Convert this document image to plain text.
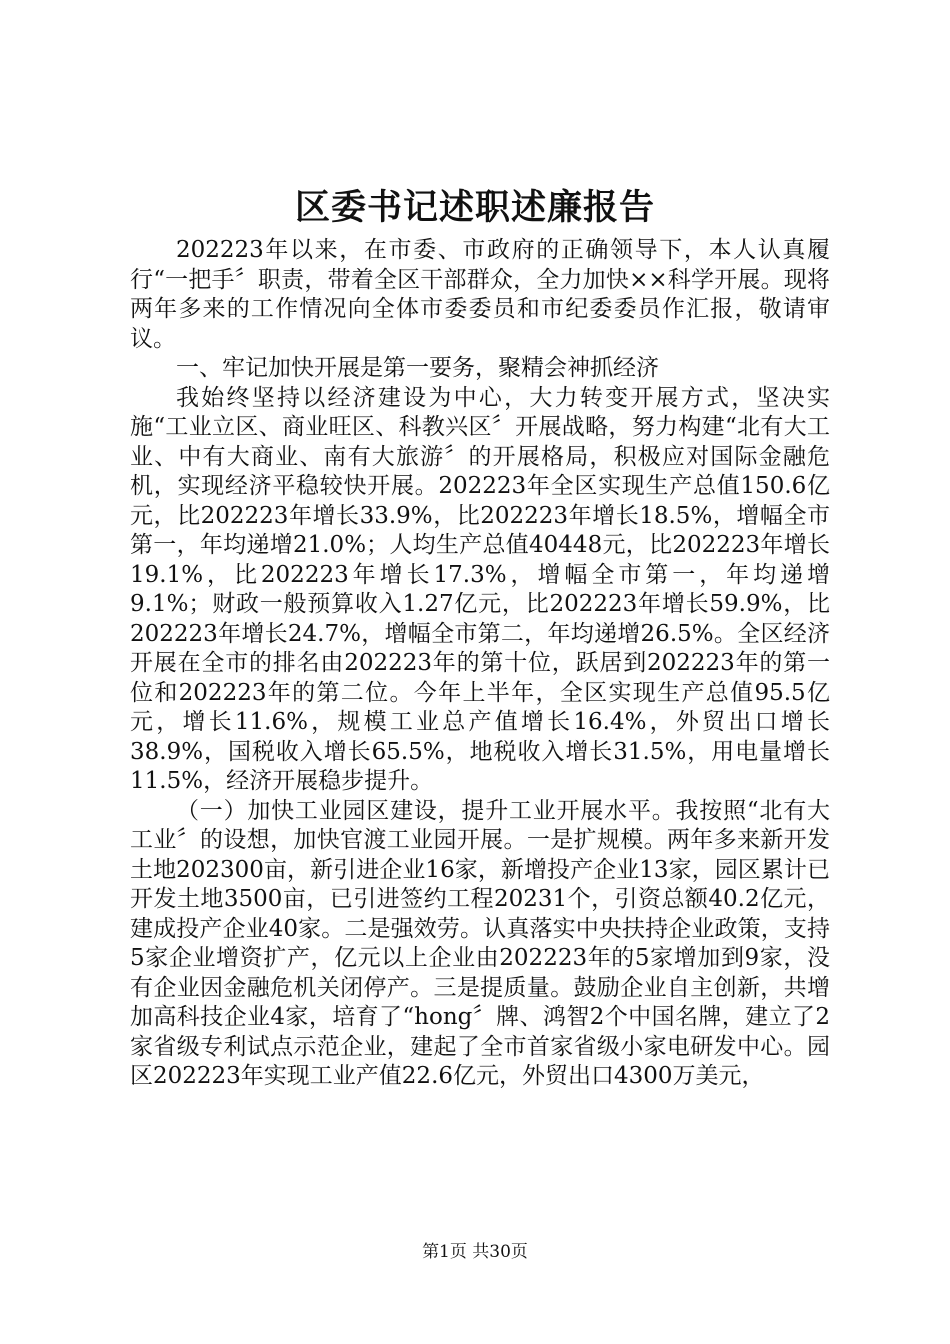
区委书记述职述廉报告

202223年以来，在市委、市政府的正确领导下，本人认真履行“一把手〞职责，带着全区干部群众，全力加快××科学开展。现将两年多来的工作情况向全体市委委员和市纪委委员作汇报，敬请审议。

一、牢记加快开展是第一要务，聚精会神抓经济

我始终坚持以经济建设为中心，大力转变开展方式，坚决实施“工业立区、商业旺区、科教兴区〞开展战略，努力构建“北有大工业、中有大商业、南有大旅游〞的开展格局，积极应对国际金融危机，实现经济平稳较快开展。202223年全区实现生产总值150.6亿元，比202223年增长33.9%，比202223年增长18.5%，增幅全市第一，年均递增21.0%；人均生产总值40448元，比202223年增长19.1%，比202223年增长17.3%，增幅全市第一，年均递增9.1%；财政一般预算收入1.27亿元，比202223年增长59.9%，比202223年增长24.7%，增幅全市第二，年均递增26.5%。全区经济开展在全市的排名由202223年的第十位，跃居到202223年的第一位和202223年的第二位。今年上半年，全区实现生产总值95.5亿元，增长11.6%，规模工业总产值增长16.4%，外贸出口增长38.9%，国税收入增长65.5%，地税收入增长31.5%，用电量增长11.5%，经济开展稳步提升。

（一）加快工业园区建设，提升工业开展水平。我按照“北有大工业〞的设想，加快官渡工业园开展。一是扩规模。两年多来新开发土地202300亩，新引进企业16家，新增投产企业13家，园区累计已开发土地3500亩，已引进签约工程20231个，引资总额40.2亿元，建成投产企业40家。二是强效劳。认真落实中央扶持企业政策，支持5家企业增资扩产，亿元以上企业由202223年的5家增加到9家，没有企业因金融危机关闭停产。三是提质量。鼓励企业自主创新，共增加高科技企业4家，培育了“hong〞牌、鸿智2个中国名牌，建立了2家省级专利试点示范企业，建起了全市首家省级小家电研发中心。园区202223年实现工业产值22.6亿元，外贸出口4300万美元，

第1页 共30页
